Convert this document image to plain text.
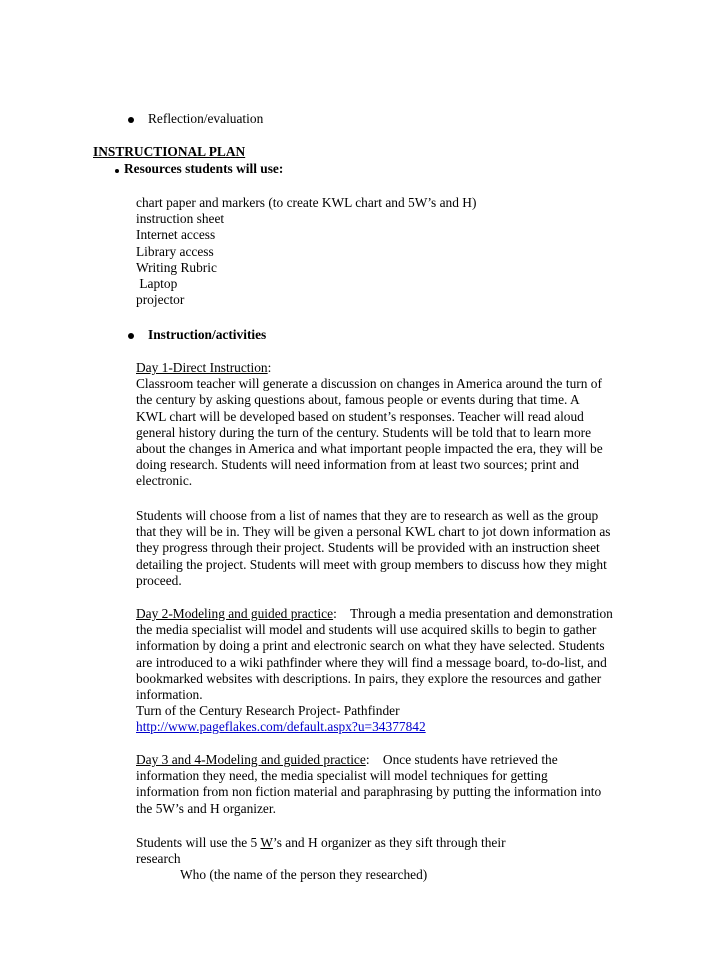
Reflection/evaluation
INSTRUCTIONAL PLAN
Resources students will use:
chart paper and markers (to create KWL chart and 5W’s and H)
instruction sheet
Internet access
Library access
Writing Rubric
Laptop
projector
Instruction/activities
Day 1-Direct Instruction:
Classroom teacher will generate a discussion on changes in America around the turn of
the century by asking questions about, famous people or events during that time. A
KWL chart will be developed based on student’s responses. Teacher will read aloud
general history during the turn of the century. Students will be told that to learn more
about the changes in America and what important people impacted the era, they will be
doing research. Students will need information from at least two sources; print and
electronic.
Students will choose from a list of names that they are to research as well as the group
that they will be in. They will be given a personal KWL chart to jot down information as
they progress through their project. Students will be provided with an instruction sheet
detailing the project. Students will meet with group members to discuss how they might
proceed.
Day 2-Modeling and guided practice:    Through a media presentation and demonstration
the media specialist will model and students will use acquired skills to begin to gather
information by doing a print and electronic search on what they have selected. Students
are introduced to a wiki pathfinder where they will find a message board, to-do-list, and
bookmarked websites with descriptions. In pairs, they explore the resources and gather
information.
Turn of the Century Research Project- Pathfinder
http://www.pageflakes.com/default.aspx?u=34377842
Day 3 and 4-Modeling and guided practice:    Once students have retrieved the
information they need, the media specialist will model techniques for getting
information from non fiction material and paraphrasing by putting the information into
the 5W’s and H organizer.
Students will use the 5 W’s and H organizer as they sift through their
research
Who (the name of the person they researched)
